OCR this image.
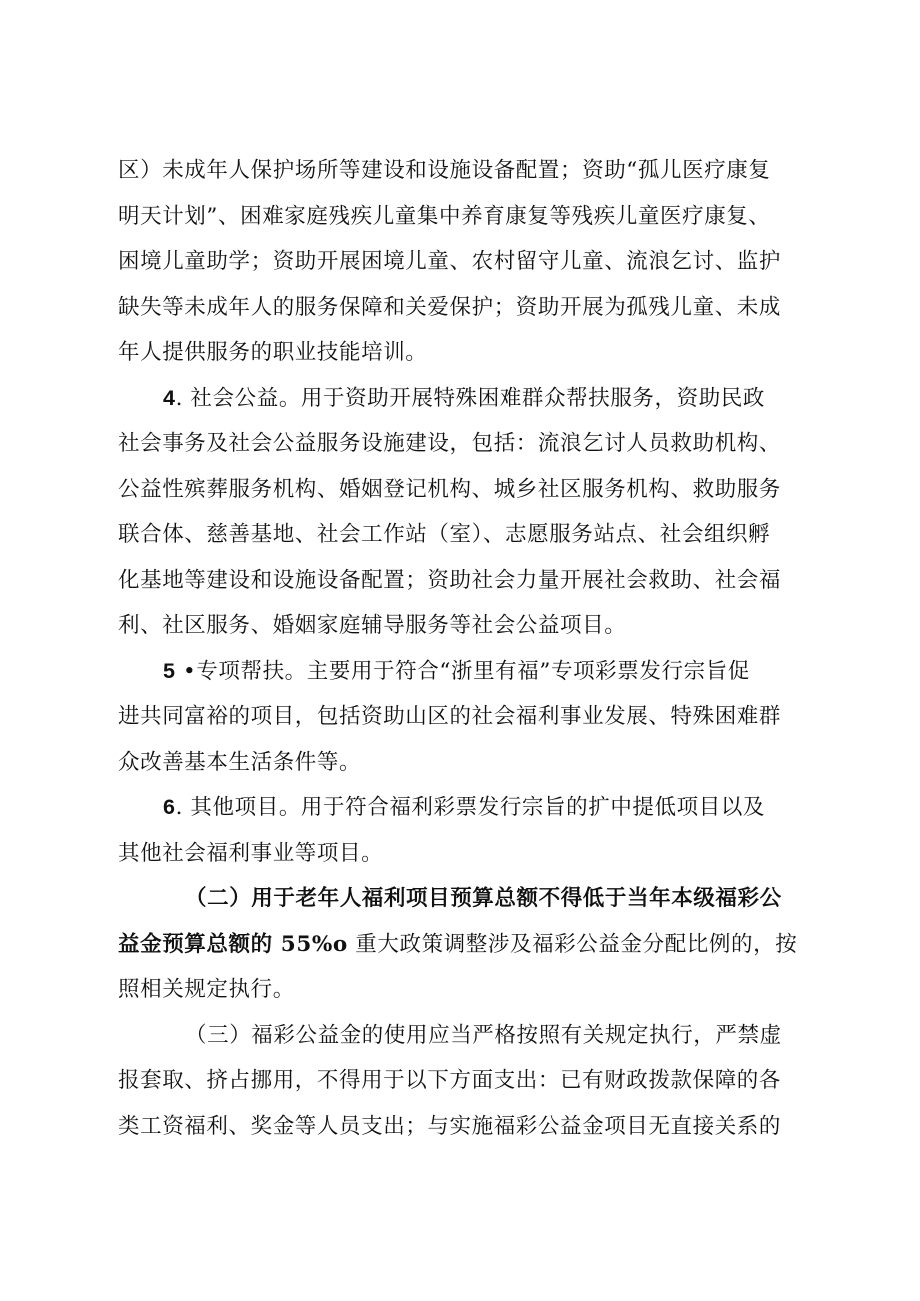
区）未成年人保护场所等建设和设施设备配置；资助“孤儿医疗康复
明天计划”、困难家庭残疾儿童集中养育康复等残疾儿童医疗康复、
困境儿童助学；资助开展困境儿童、农村留守儿童、流浪乞讨、监护
缺失等未成年人的服务保障和关爱保护；资助开展为孤残儿童、未成
年人提供服务的职业技能培训。

4. 社会公益。用于资助开展特殊困难群众帮扶服务，资助民政
社会事务及社会公益服务设施建设，包括：流浪乞讨人员救助机构、
公益性殡葬服务机构、婚姻登记机构、城乡社区服务机构、救助服务
联合体、慈善基地、社会工作站（室）、志愿服务站点、社会组织孵
化基地等建设和设施设备配置；资助社会力量开展社会救助、社会福
利、社区服务、婚姻家庭辅导服务等社会公益项目。

5 •专项帮扶。主要用于符合“浙里有福”专项彩票发行宗旨促
进共同富裕的项目，包括资助山区的社会福利事业发展、特殊困难群
众改善基本生活条件等。

6. 其他项目。用于符合福利彩票发行宗旨的扩中提低项目以及
其他社会福利事业等项目。

（二）用于老年人福利项目预算总额不得低于当年本级福彩公
益金预算总额的 55%o 重大政策调整涉及福彩公益金分配比例的，按
照相关规定执行。

（三）福彩公益金的使用应当严格按照有关规定执行，严禁虚
报套取、挤占挪用，不得用于以下方面支出：已有财政拨款保障的各
类工资福利、奖金等人员支出；与实施福彩公益金项目无直接关系的
